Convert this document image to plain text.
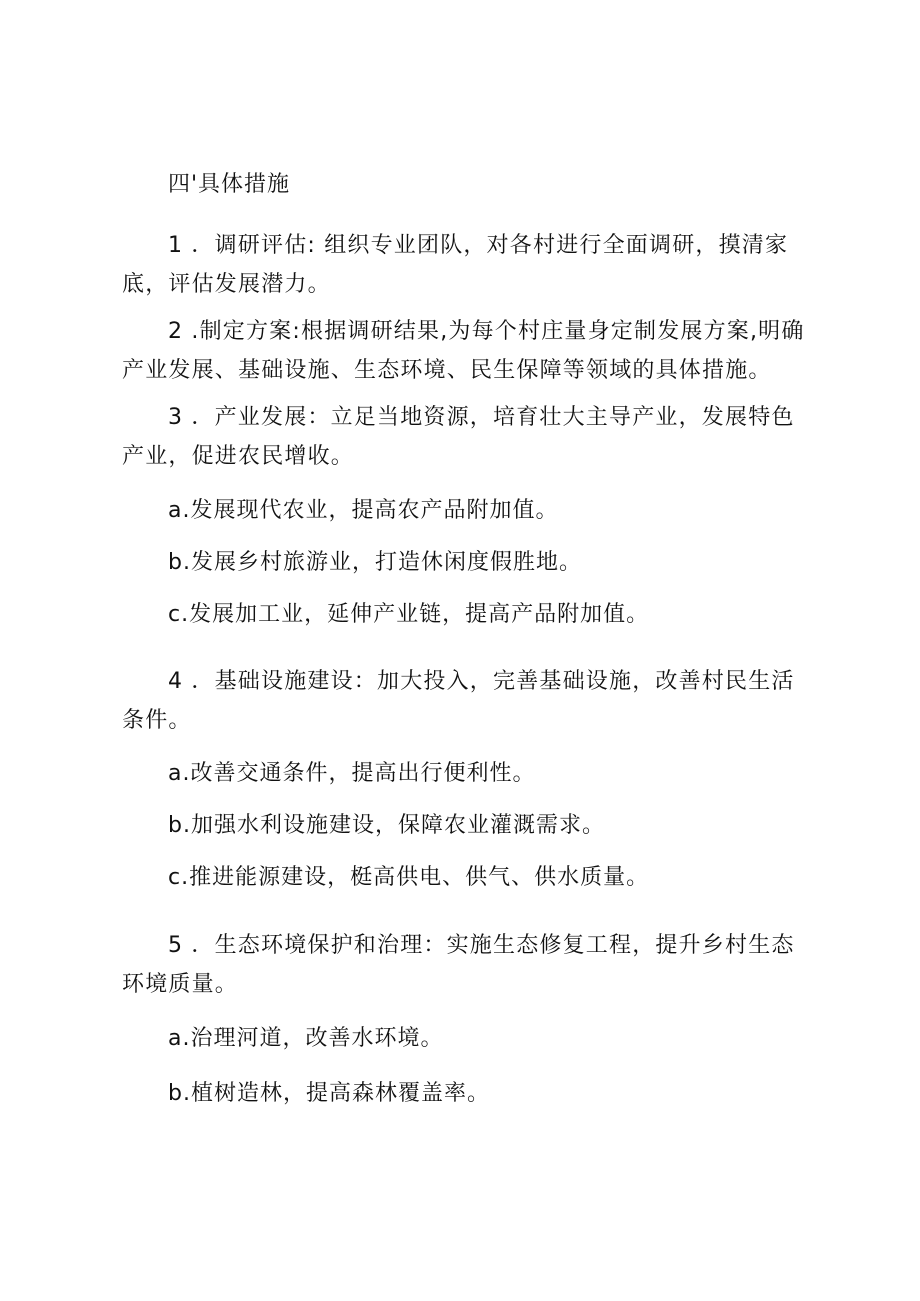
四'具体措施
1 ．调研评估: 组织专业团队，对各村进行全面调研，摸清家底，评估发展潜力。
2 .制定方案:根据调研结果,为每个村庄量身定制发展方案,明确产业发展、基础设施、生态环境、民生保障等领域的具体措施。
3 ．产业发展：立足当地资源，培育壮大主导产业，发展特色产业，促进农民增收。
a.发展现代农业，提高农产品附加值。
b.发展乡村旅游业，打造休闲度假胜地。
c.发展加工业，延伸产业链，提高产品附加值。
4 ．基础设施建设：加大投入，完善基础设施，改善村民生活条件。
a.改善交通条件，提高出行便利性。
b.加强水利设施建设，保障农业灌溉需求。
c.推进能源建设，梃高供电、供气、供水质量。
5 ．生态环境保护和治理：实施生态修复工程，提升乡村生态环境质量。
a.治理河道，改善水环境。
b.植树造林，提高森林覆盖率。
